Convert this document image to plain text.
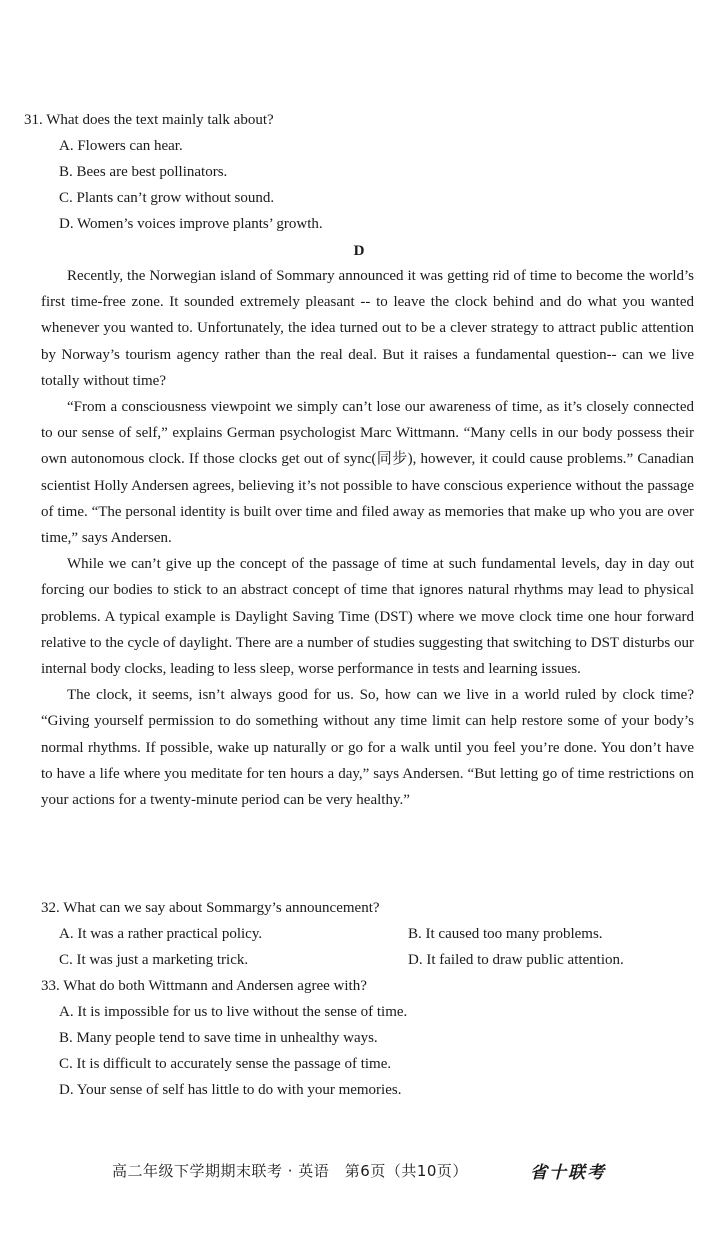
31. What does the text mainly talk about?
A. Flowers can hear.
B. Bees are best pollinators.
C. Plants can’t grow without sound.
D. Women’s voices improve plants’ growth.
D

Recently, the Norwegian island of Sommary announced it was getting rid of time to become the world’s first time-free zone. It sounded extremely pleasant -- to leave the clock behind and do what you wanted whenever you wanted to. Unfortunately, the idea turned out to be a clever strategy to attract public attention by Norway’s tourism agency rather than the real deal. But it raises a fundamental question-- can we live totally without time?

“From a consciousness viewpoint we simply can’t lose our awareness of time, as it’s closely connected to our sense of self,” explains German psychologist Marc Wittmann. “Many cells in our body possess their own autonomous clock. If those clocks get out of sync(同步), however, it could cause problems.” Canadian scientist Holly Andersen agrees, believing it’s not possible to have conscious experience without the passage of time. “The personal identity is built over time and filed away as memories that make up who you are over time,” says Andersen.

While we can’t give up the concept of the passage of time at such fundamental levels, day in day out forcing our bodies to stick to an abstract concept of time that ignores natural rhythms may lead to physical problems. A typical example is Daylight Saving Time (DST) where we move clock time one hour forward relative to the cycle of daylight. There are a number of studies suggesting that switching to DST disturbs our internal body clocks, leading to less sleep, worse performance in tests and learning issues.

The clock, it seems, isn’t always good for us. So, how can we live in a world ruled by clock time? “Giving yourself permission to do something without any time limit can help restore some of your body’s normal rhythms. If possible, wake up naturally or go for a walk until you feel you’re done. You don’t have to have a life where you meditate for ten hours a day,” says Andersen. “But letting go of time restrictions on your actions for a twenty-minute period can be very healthy.”

32. What can we say about Sommargy’s announcement?
A. It was a rather practical policy.	B. It caused too many problems.
C. It was just a marketing trick.	D. It failed to draw public attention.
33. What do both Wittmann and Andersen agree with?
A. It is impossible for us to live without the sense of time.
B. Many people tend to save time in unhealthy ways.
C. It is difficult to accurately sense the passage of time.
D. Your sense of self has little to do with your memories.
高二年级下学期期末联考 · 英语　第6页（共10页）	省十联考
